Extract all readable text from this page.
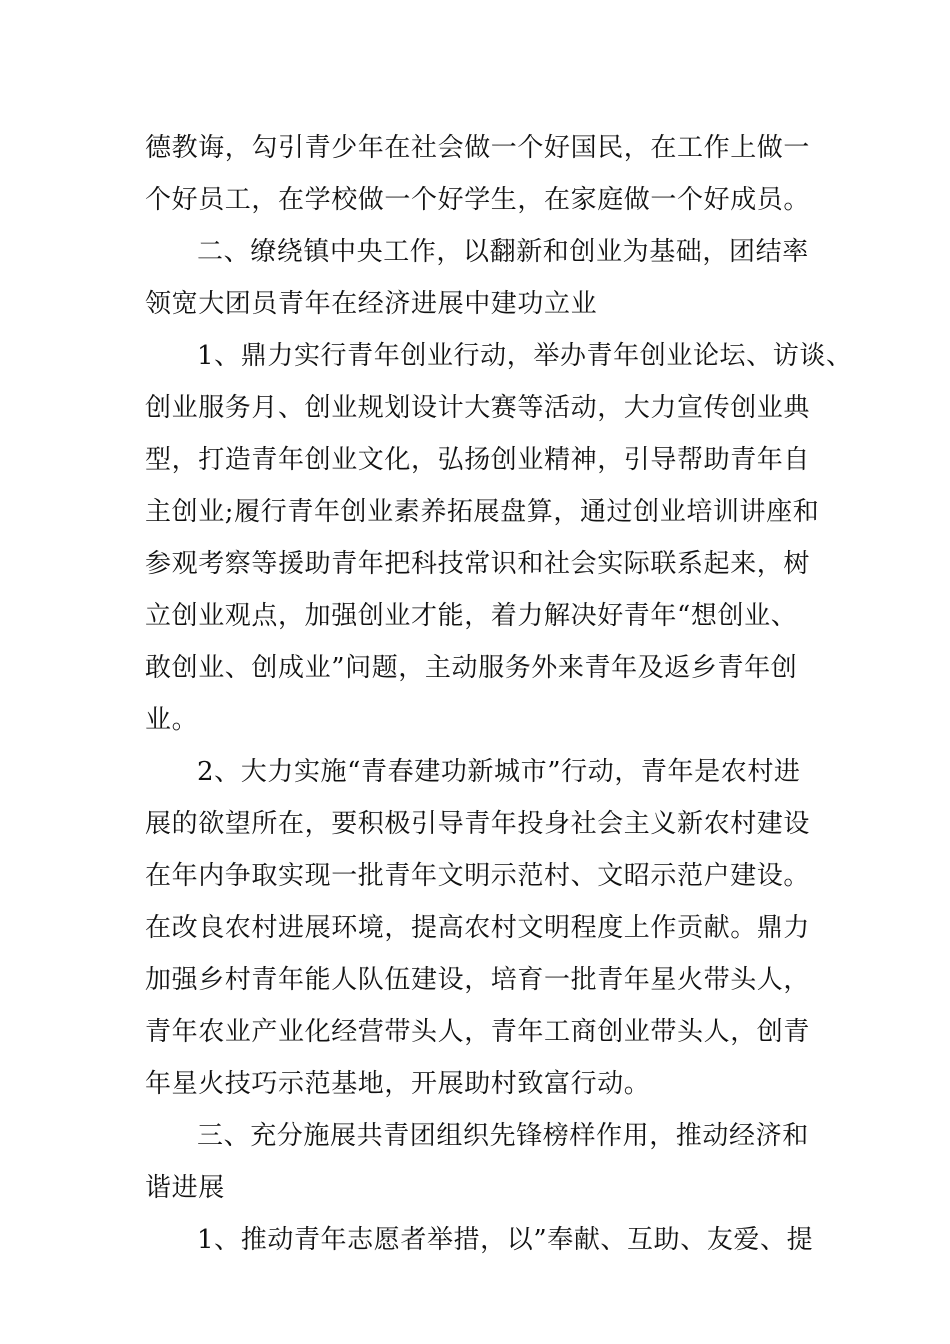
德教诲，勾引青少年在社会做一个好国民，在工作上做一
个好员工，在学校做一个好学生，在家庭做一个好成员。
二、缭绕镇中央工作，以翻新和创业为基础，团结率
领宽大团员青年在经济进展中建功立业
1、鼎力实行青年创业行动，举办青年创业论坛、访谈、
创业服务月、创业规划设计大赛等活动，大力宣传创业典
型，打造青年创业文化，弘扬创业精神，引导帮助青年自
主创业;履行青年创业素养拓展盘算，通过创业培训讲座和
参观考察等援助青年把科技常识和社会实际联系起来，树
立创业观点，加强创业才能，着力解决好青年“想创业、
敢创业、创成业”问题，主动服务外来青年及返乡青年创
业。
2、大力实施“青春建功新城市”行动，青年是农村进
展的欲望所在，要积极引导青年投身社会主义新农村建设
在年内争取实现一批青年文明示范村、文昭示范户建设。
在改良农村进展环境，提高农村文明程度上作贡献。鼎力
加强乡村青年能人队伍建设，培育一批青年星火带头人，
青年农业产业化经营带头人，青年工商创业带头人，创青
年星火技巧示范基地，开展助村致富行动。
三、充分施展共青团组织先锋榜样作用，推动经济和
谐进展
1、推动青年志愿者举措，以”奉献、互助、友爱、提
